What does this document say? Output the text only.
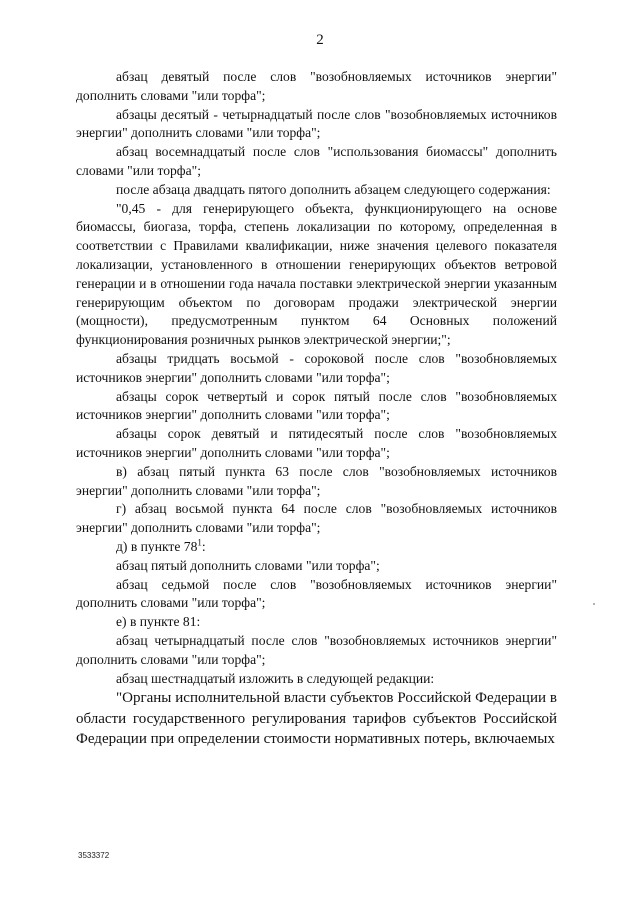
2

абзац девятый после слов "возобновляемых источников энергии" дополнить словами "или торфа";

абзацы десятый - четырнадцатый после слов "возобновляемых источников энергии" дополнить словами "или торфа";

абзац восемнадцатый после слов "использования биомассы" дополнить словами "или торфа";

после абзаца двадцать пятого дополнить абзацем следующего содержания:

"0,45 - для генерирующего объекта, функционирующего на основе биомассы, биогаза, торфа, степень локализации по которому, определенная в соответствии с Правилами квалификации, ниже значения целевого показателя локализации, установленного в отношении генерирующих объектов ветровой генерации и в отношении года начала поставки электрической энергии указанным генерирующим объектом по договорам продажи электрической энергии (мощности), предусмотренным пунктом 64 Основных положений функционирования розничных рынков электрической энергии;";

абзацы тридцать восьмой - сороковой после слов "возобновляемых источников энергии" дополнить словами "или торфа";

абзацы сорок четвертый и сорок пятый после слов "возобновляемых источников энергии" дополнить словами "или торфа";

абзацы сорок девятый и пятидесятый после слов "возобновляемых источников энергии" дополнить словами "или торфа";

в) абзац пятый пункта 63 после слов "возобновляемых источников энергии" дополнить словами "или торфа";

г) абзац восьмой пункта 64 после слов "возобновляемых источников энергии" дополнить словами "или торфа";

д) в пункте $78^1$:

абзац пятый дополнить словами "или торфа";

абзац седьмой после слов "возобновляемых источников энергии" дополнить словами "или торфа";

е) в пункте 81:

абзац четырнадцатый после слов "возобновляемых источников энергии" дополнить словами "или торфа";

абзац шестнадцатый изложить в следующей редакции:

"Органы исполнительной власти субъектов Российской Федерации в области государственного регулирования тарифов субъектов Российской Федерации при определении стоимости нормативных потерь, включаемых

3533372
